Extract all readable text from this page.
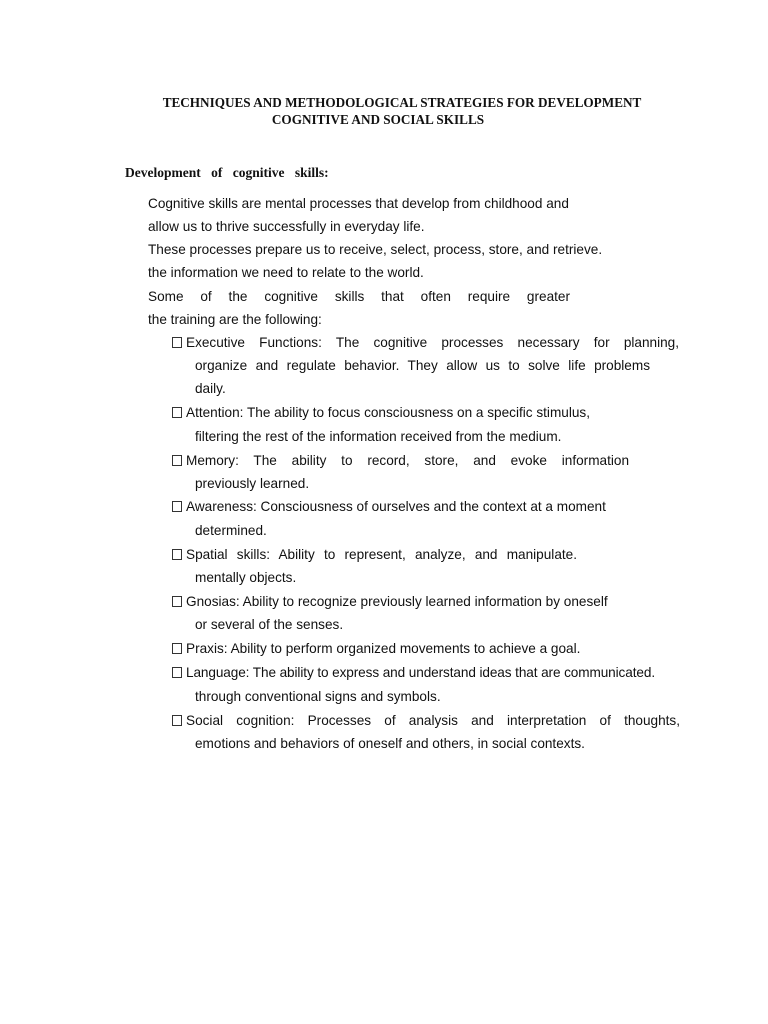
TECHNIQUES AND METHODOLOGICAL STRATEGIES FOR DEVELOPMENT
COGNITIVE AND SOCIAL SKILLS
Development of cognitive skills:
Cognitive skills are mental processes that develop from childhood and
allow us to thrive successfully in everyday life.
These processes prepare us to receive, select, process, store, and retrieve.
the information we need to relate to the world.
Some of the cognitive skills that often require greater
the training are the following:
Executive Functions: The cognitive processes necessary for planning,
organize and regulate behavior. They allow us to solve life problems
daily.
Attention: The ability to focus consciousness on a specific stimulus,
filtering the rest of the information received from the medium.
Memory: The ability to record, store, and evoke information
previously learned.
Awareness: Consciousness of ourselves and the context at a moment
determined.
Spatial skills: Ability to represent, analyze, and manipulate.
mentally objects.
Gnosias: Ability to recognize previously learned information by oneself
or several of the senses.
Praxis: Ability to perform organized movements to achieve a goal.
Language: The ability to express and understand ideas that are communicated.
through conventional signs and symbols.
Social cognition: Processes of analysis and interpretation of thoughts,
emotions and behaviors of oneself and others, in social contexts.
